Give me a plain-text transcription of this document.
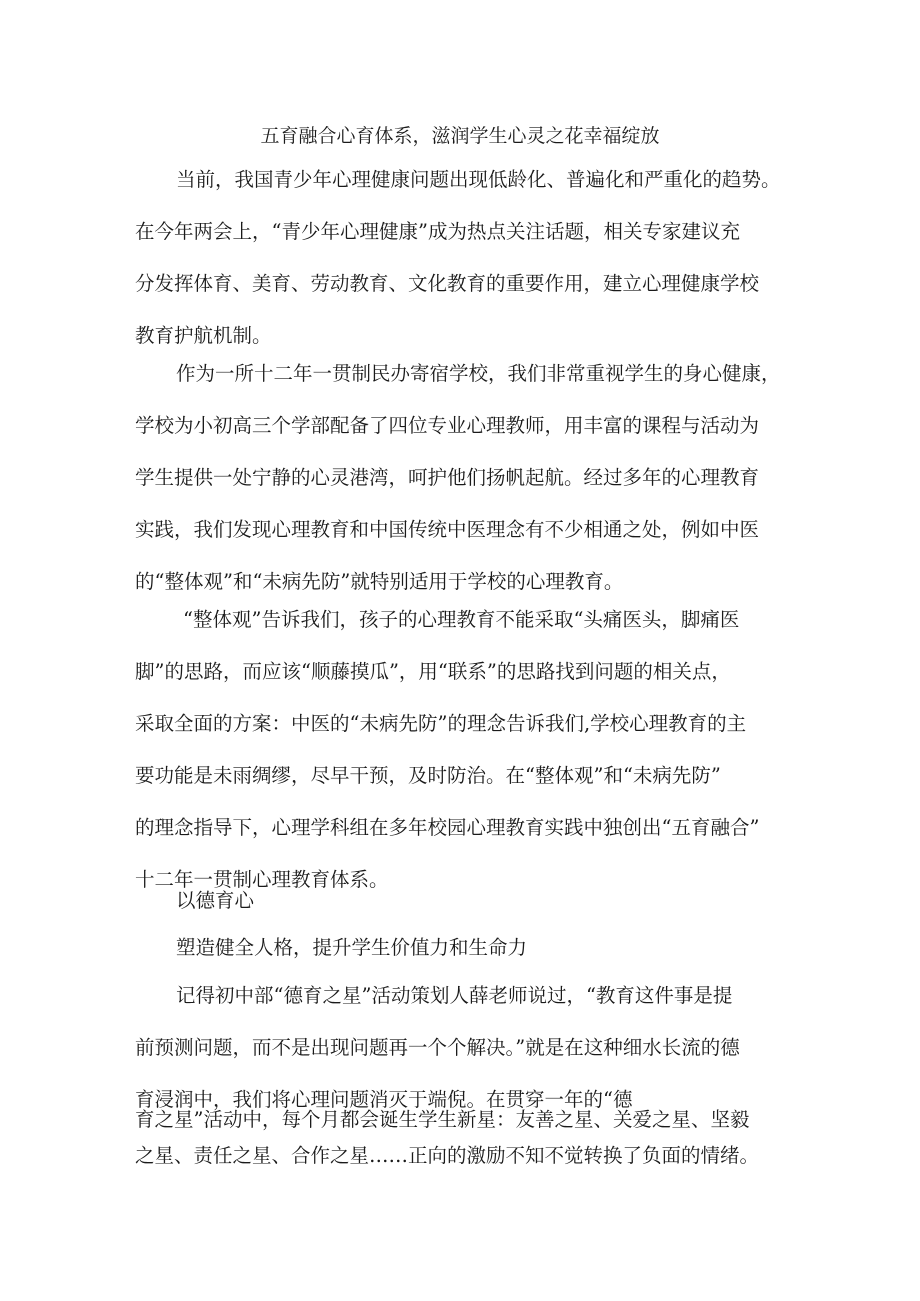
五育融合心育体系，滋润学生心灵之花幸福绽放

当前，我国青少年心理健康问题出现低龄化、普遍化和严重化的趋势。
在今年两会上，“青少年心理健康”成为热点关注话题，相关专家建议充
分发挥体育、美育、劳动教育、文化教育的重要作用，建立心理健康学校
教育护航机制。

作为一所十二年一贯制民办寄宿学校，我们非常重视学生的身心健康，
学校为小初高三个学部配备了四位专业心理教师，用丰富的课程与活动为
学生提供一处宁静的心灵港湾，呵护他们扬帆起航。经过多年的心理教育
实践，我们发现心理教育和中国传统中医理念有不少相通之处，例如中医
的“整体观”和“未病先防”就特别适用于学校的心理教育。

“整体观”告诉我们，孩子的心理教育不能采取“头痛医头，脚痛医
脚”的思路，而应该“顺藤摸瓜”，用“联系”的思路找到问题的相关点，
采取全面的方案：中医的“未病先防”的理念告诉我们,学校心理教育的主
要功能是未雨绸缪，尽早干预，及时防治。在“整体观”和“未病先防”
的理念指导下，心理学科组在多年校园心理教育实践中独创出“五育融合”
十二年一贯制心理教育体系。

以德育心
塑造健全人格，提升学生价值力和生命力

记得初中部“德育之星”活动策划人薛老师说过，“教育这件事是提
前预测问题，而不是出现问题再一个个解决。”就是在这种细水长流的德
育浸润中，我们将心理问题消灭于端倪。在贯穿一年的“德

育之星”活动中，每个月都会诞生学生新星：友善之星、关爱之星、坚毅
之星、责任之星、合作之星……正向的激励不知不觉转换了负面的情绪。
